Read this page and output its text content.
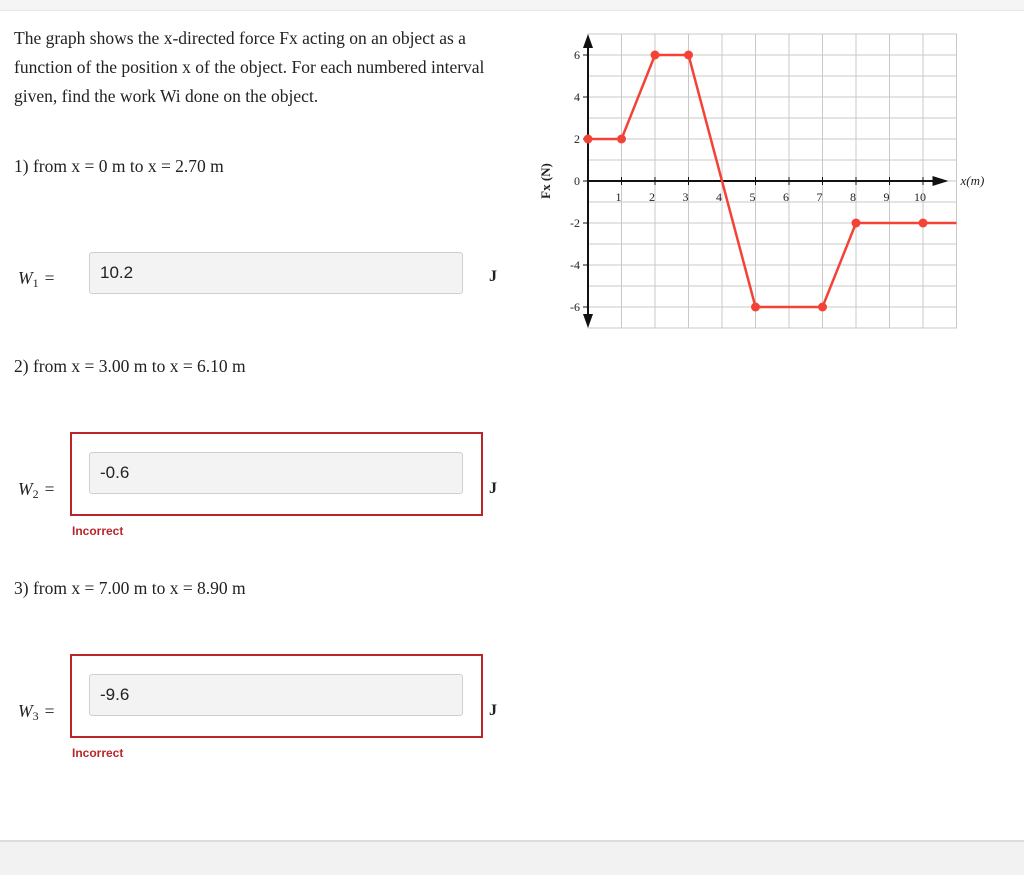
The graph shows the x-directed force Fx acting on an object as a function of the position x of the object. For each numbered interval given, find the work Wi done on the object.

1) from x = 0 m to x = 2.70 m

W1 =
10.2	J

2) from x = 3.00 m to x = 6.10 m

W2 =
-0.6	J
Incorrect

3) from x = 7.00 m to x = 8.90 m

W3 =
-9.6	J
Incorrect
1 2 3 4 5 6 7 8 9 10
6
4
2
0
-2
-4
-6
x(m)
Fx (N)
